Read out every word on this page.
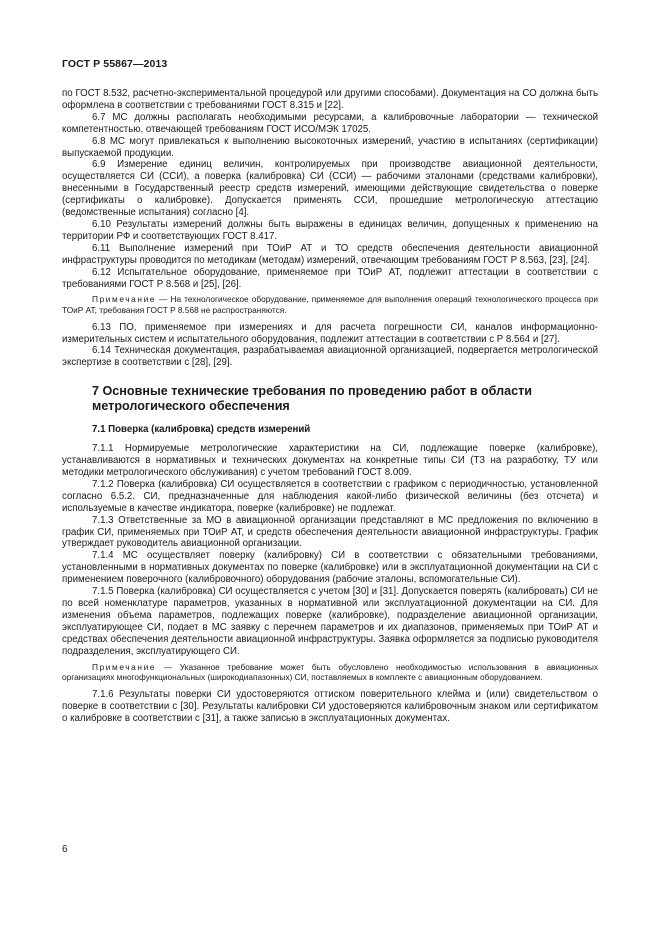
ГОСТ Р 55867—2013

по ГОСТ 8.532, расчетно-экспериментальной процедурой или другими способами). Документация на СО должна быть оформлена в соответствии с требованиями ГОСТ 8.315 и [22].

6.7 МС должны располагать необходимыми ресурсами, а калибровочные лаборатории — технической компетентностью, отвечающей требованиям ГОСТ ИСО/МЭК 17025.

6.8 МС могут привлекаться к выполнению высокоточных измерений, участию в испытаниях (сертификации) выпускаемой продукции.

6.9 Измерение единиц величин, контролируемых при производстве авиационной деятельности, осуществляется СИ (ССИ), а поверка (калибровка) СИ (ССИ) — рабочими эталонами (средствами калибровки), внесенными в Государственный реестр средств измерений, имеющими действующие свидетельства о поверке (сертификаты о калибровке). Допускается применять ССИ, прошедшие метрологическую аттестацию (ведомственные испытания) согласно [4].

6.10 Результаты измерений должны быть выражены в единицах величин, допущенных к применению на территории РФ и соответствующих ГОСТ 8.417.

6.11 Выполнение измерений при ТОиР АТ и ТО средств обеспечения деятельности авиационной инфраструктуры проводится по методикам (методам) измерений, отвечающим требованиям ГОСТ Р 8.563, [23], [24].

6.12 Испытательное оборудование, применяемое при ТОиР АТ, подлежит аттестации в соответствии с требованиями ГОСТ Р 8.568 и [25], [26].

Примечание — На технологическое оборудование, применяемое для выполнения операций технологического процесса при ТОиР АТ, требования ГОСТ Р 8.568 не распространяются.

6.13 ПО, применяемое при измерениях и для расчета погрешности СИ, каналов информационно-измерительных систем и испытательного оборудования, подлежит аттестации в соответствии с Р 8.564 и [27].

6.14 Техническая документация, разрабатываемая авиационной организацией, подвергается метрологической экспертизе в соответствии с [28], [29].

7 Основные технические требования по проведению работ в области метрологического обеспечения
7.1 Поверка (калибровка) средств измерений

7.1.1 Нормируемые метрологические характеристики на СИ, подлежащие поверке (калибровке), устанавливаются в нормативных и технических документах на конкретные типы СИ (ТЗ на разработку, ТУ или методики метрологического обслуживания) с учетом требований ГОСТ 8.009.

7.1.2 Поверка (калибровка) СИ осуществляется в соответствии с графиком с периодичностью, установленной согласно 6.5.2. СИ, предназначенные для наблюдения какой-либо физической величины (без отсчета) и используемые в качестве индикатора, поверке (калибровке) не подлежат.

7.1.3 Ответственные за МО в авиационной организации представляют в МС предложения по включению в график СИ, применяемых при ТОиР АТ, и средств обеспечения деятельности авиационной инфраструктуры. График утверждает руководитель авиационной организации.

7.1.4 МС осуществляет поверку (калибровку) СИ в соответствии с обязательными требованиями, установленными в нормативных документах по поверке (калибровке) или в эксплуатационной документации на СИ с применением поверочного (калибровочного) оборудования (рабочие эталоны, вспомогательные СИ).

7.1.5 Поверка (калибровка) СИ осуществляется с учетом [30] и [31]. Допускается поверять (калибровать) СИ не по всей номенклатуре параметров, указанных в нормативной или эксплуатационной документации на СИ. Для изменения объема параметров, подлежащих поверке (калибровке), подразделение авиационной организации, эксплуатирующее СИ, подает в МС заявку с перечнем параметров и их диапазонов, применяемых при ТОиР АТ и средствах обеспечения деятельности авиационной инфраструктуры. Заявка оформляется за подписью руководителя подразделения, эксплуатирующего СИ.

Примечание — Указанное требование может быть обусловлено необходимостью использования в авиационных организациях многофункциональных (широкодиапазонных) СИ, поставляемых в комплекте с авиационным оборудованием.

7.1.6 Результаты поверки СИ удостоверяются оттиском поверительного клейма и (или) свидетельством о поверке в соответствии с [30]. Результаты калибровки СИ удостоверяются калибровочным знаком или сертификатом о калибровке в соответствии с [31], а также записью в эксплуатационных документах.

6
